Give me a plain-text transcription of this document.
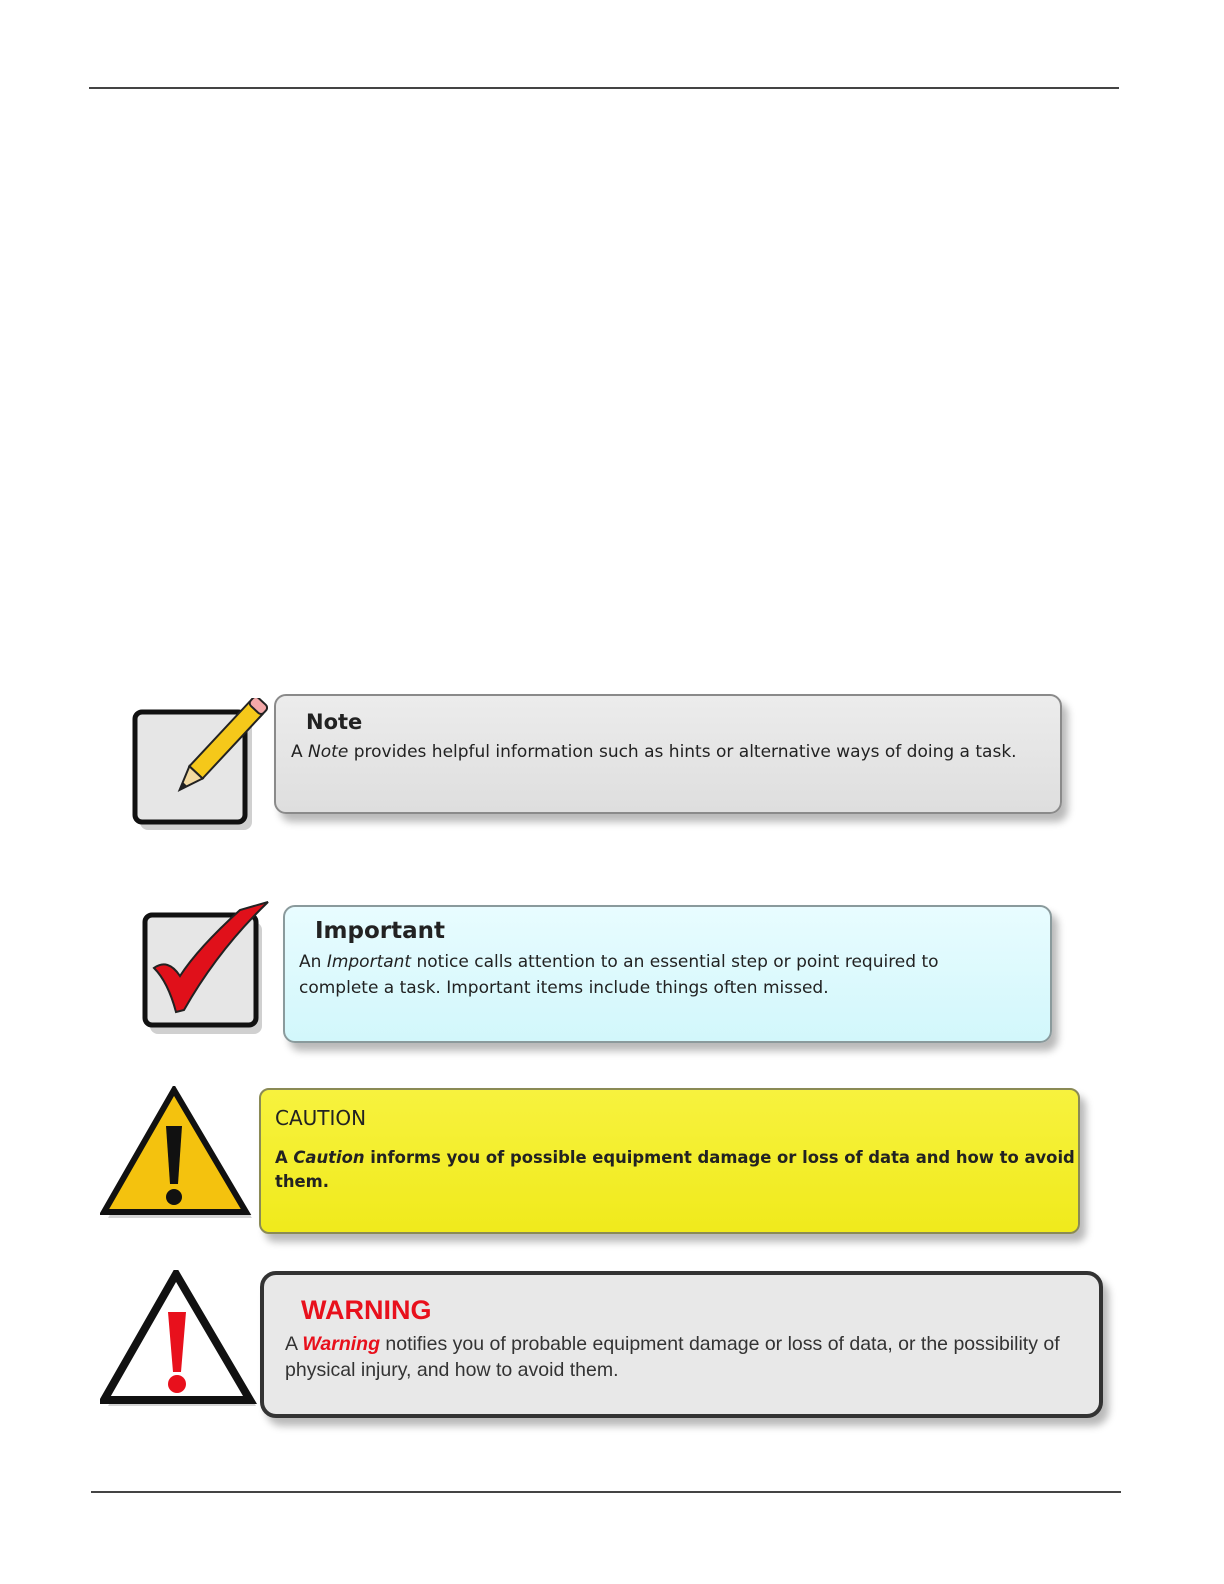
Note
A Note provides helpful information such as hints or alternative ways of doing a task.
Important
An Important notice calls attention to an essential step or point required to complete a task. Important items include things often missed.
CAUTION
A Caution informs you of possible equipment damage or loss of data and how to avoid them.
WARNING
A Warning notifies you of probable equipment damage or loss of data, or the possibility of physical injury, and how to avoid them.
